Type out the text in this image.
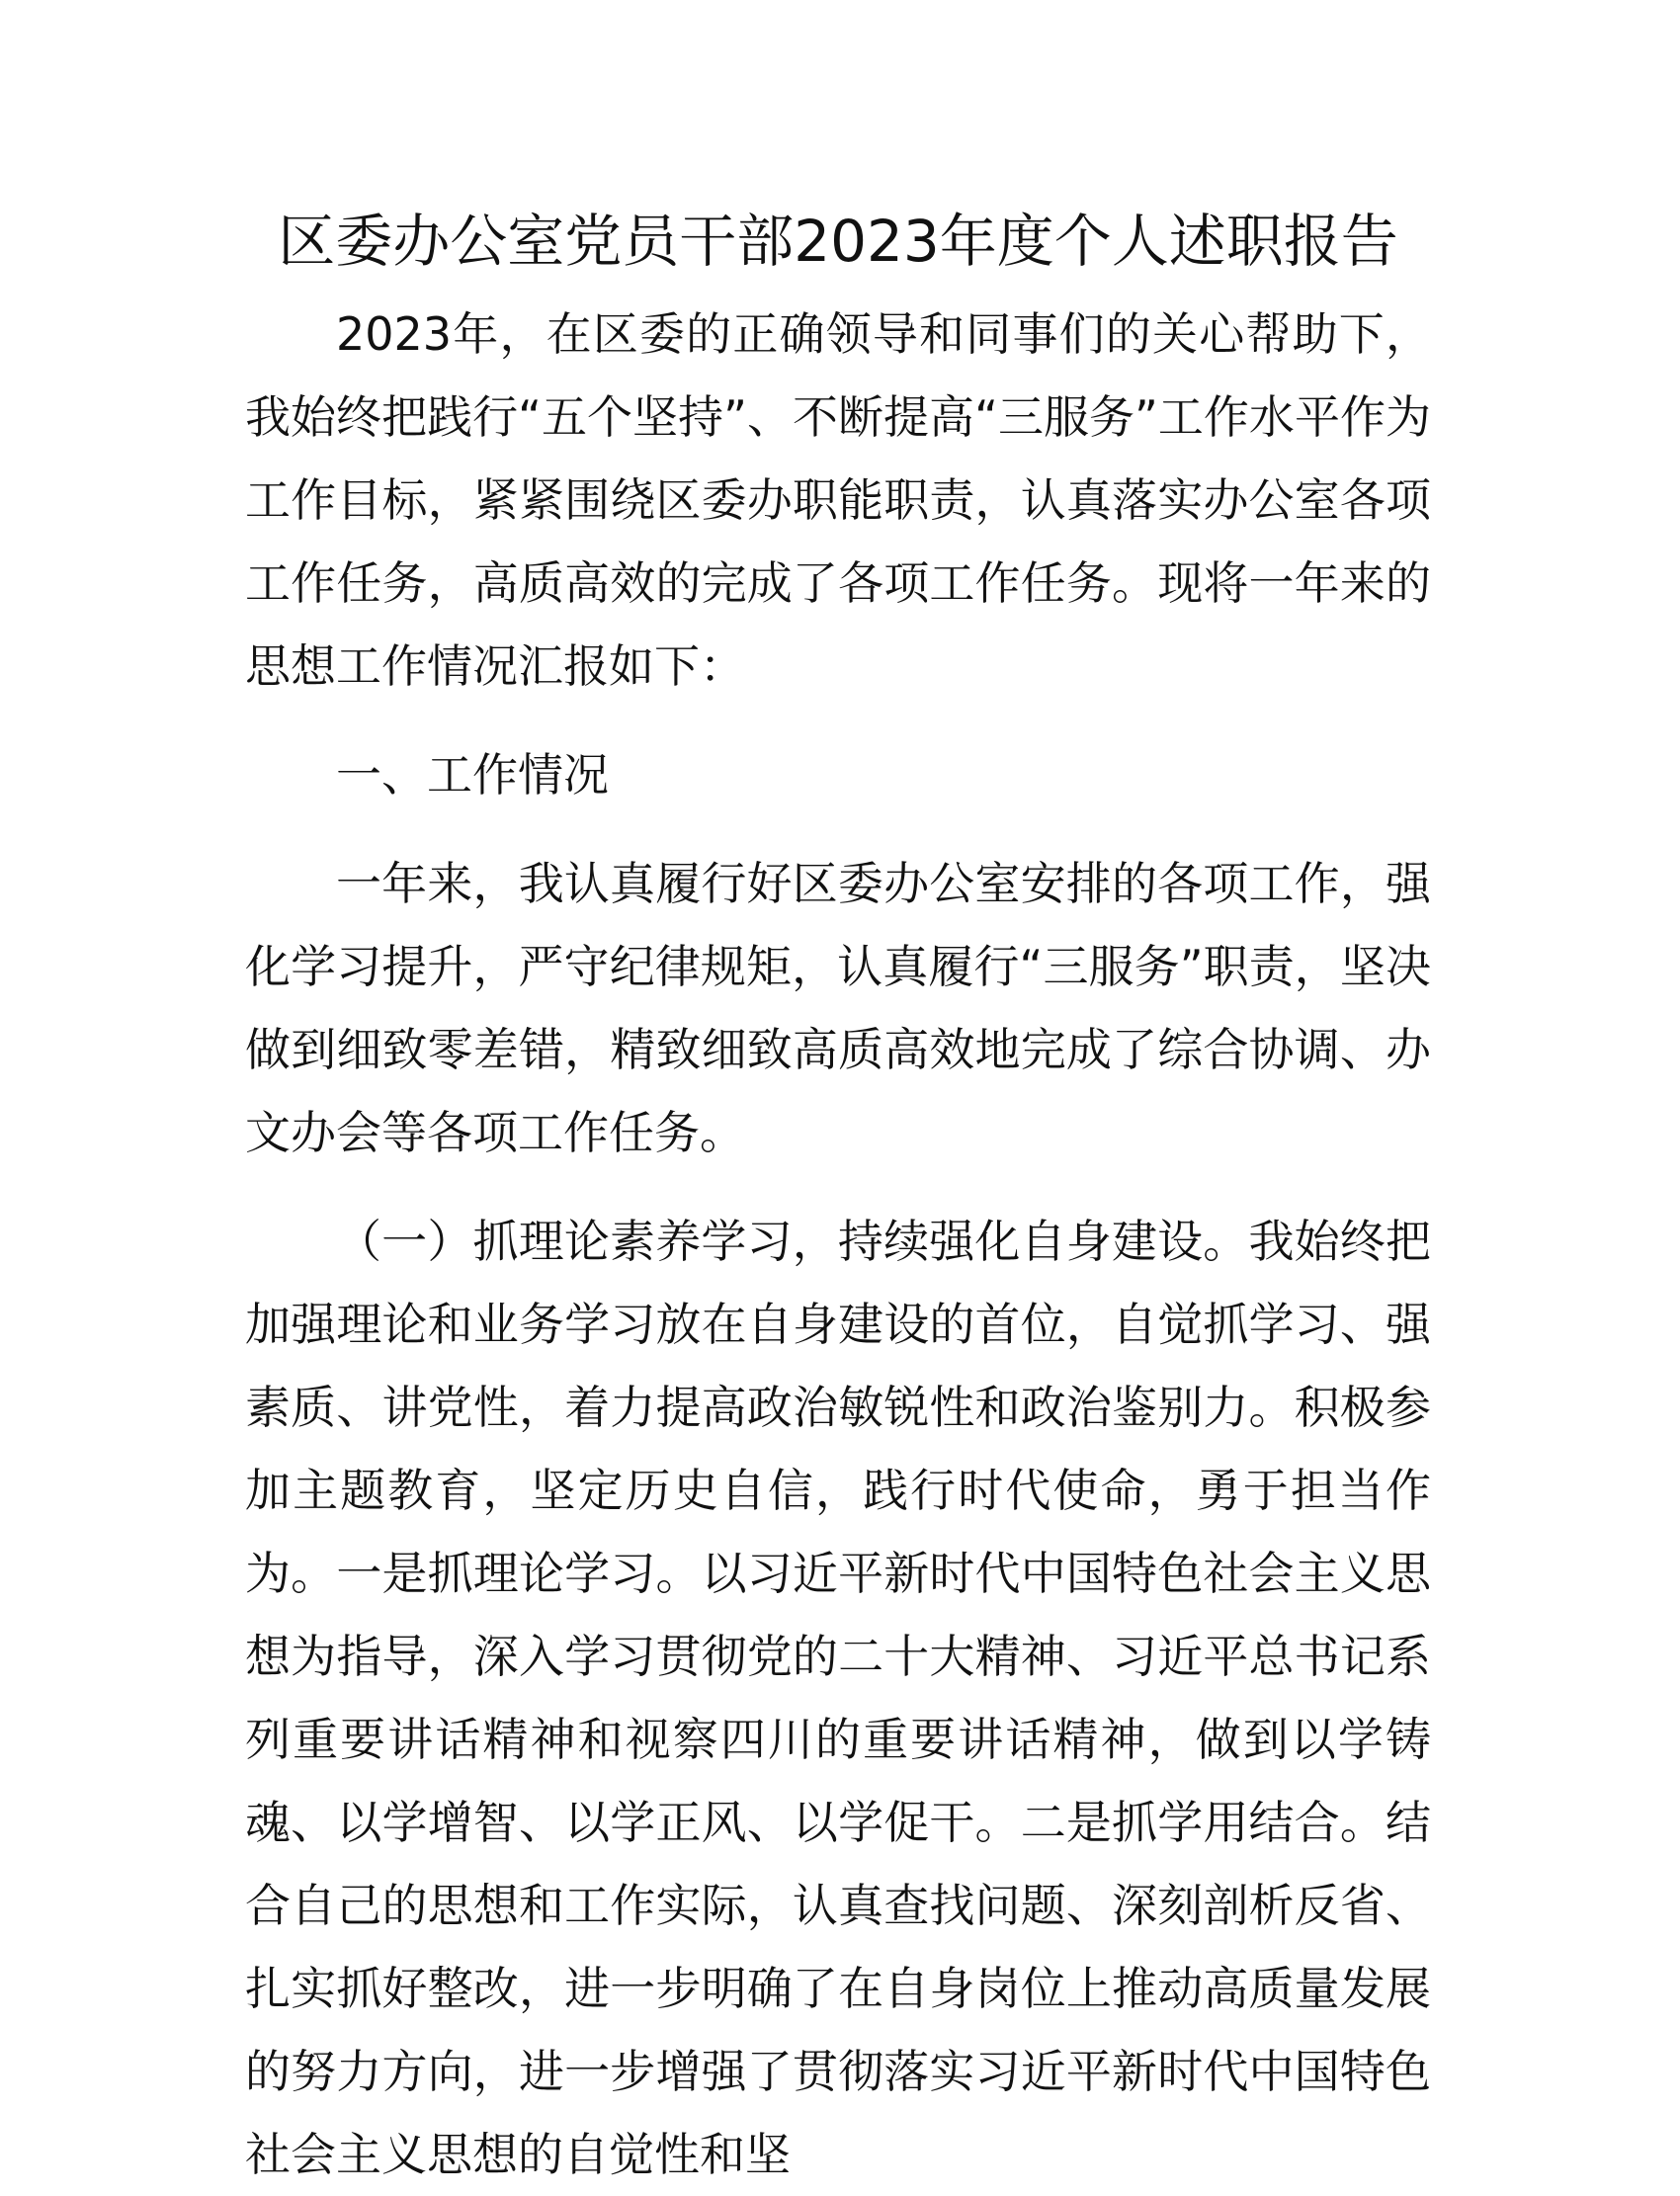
区委办公室党员干部2023年度个人述职报告

2023年，在区委的正确领导和同事们的关心帮助下，我始终把践行“五个坚持”、不断提高“三服务”工作水平作为工作目标，紧紧围绕区委办职能职责，认真落实办公室各项工作任务，高质高效的完成了各项工作任务。现将一年来的思想工作情况汇报如下：

一、工作情况

一年来，我认真履行好区委办公室安排的各项工作，强化学习提升，严守纪律规矩，认真履行“三服务”职责，坚决做到细致零差错，精致细致高质高效地完成了综合协调、办文办会等各项工作任务。

（一）抓理论素养学习，持续强化自身建设。我始终把加强理论和业务学习放在自身建设的首位，自觉抓学习、强素质、讲党性，着力提高政治敏锐性和政治鉴别力。积极参加主题教育，坚定历史自信，践行时代使命，勇于担当作为。一是抓理论学习。以习近平新时代中国特色社会主义思想为指导，深入学习贯彻党的二十大精神、习近平总书记系列重要讲话精神和视察四川的重要讲话精神，做到以学铸魂、以学增智、以学正风、以学促干。二是抓学用结合。结合自己的思想和工作实际，认真查找问题、深刻剖析反省、扎实抓好整改，进一步明确了在自身岗位上推动高质量发展的努力方向，进一步增强了贯彻落实习近平新时代中国特色社会主义思想的自觉性和坚
